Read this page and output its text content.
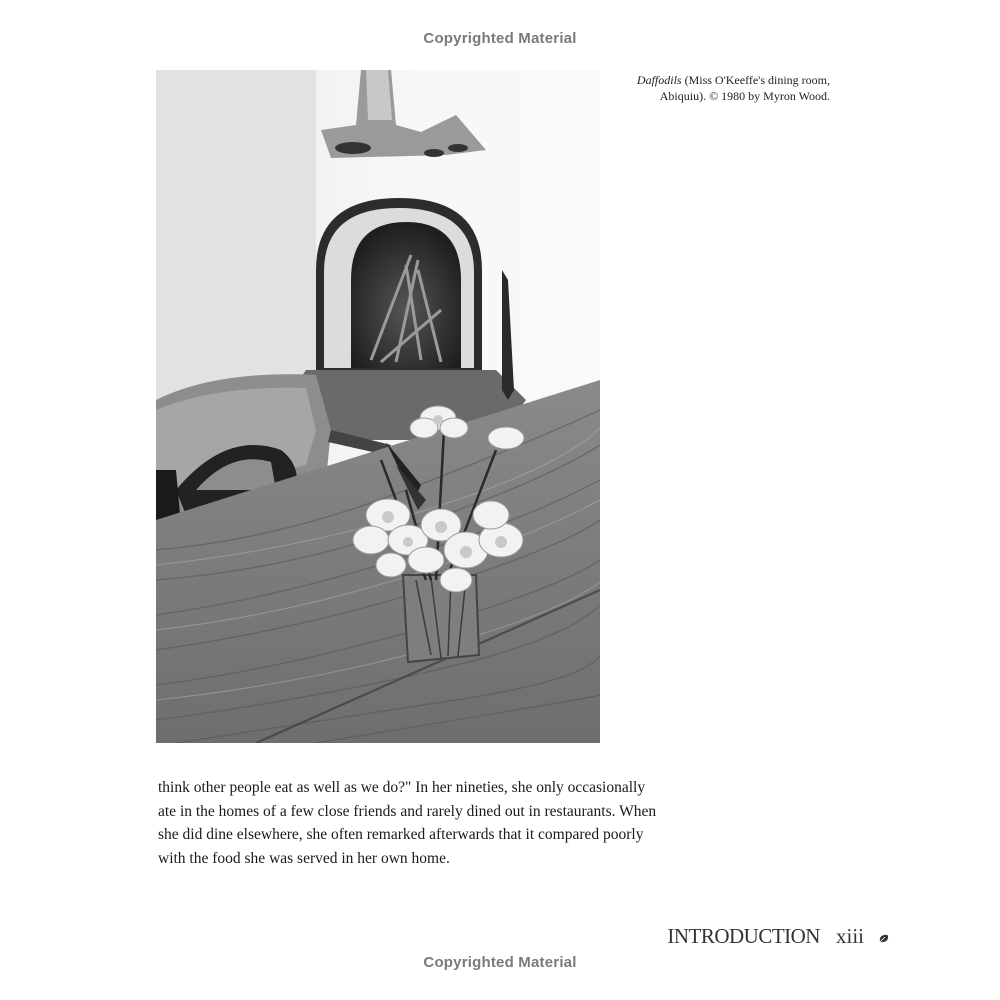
Copyrighted Material
Daffodils (Miss O'Keeffe's dining room,
Abiquiu). © 1980 by Myron Wood.

think other people eat as well as we do?" In her nineties, she only occasionally ate in the homes of a few close friends and rarely dined out in restaurants. When she did dine elsewhere, she often remarked afterwards that it compared poorly with the food she was served in her own home.

INTRODUCTION xiii
Copyrighted Material
